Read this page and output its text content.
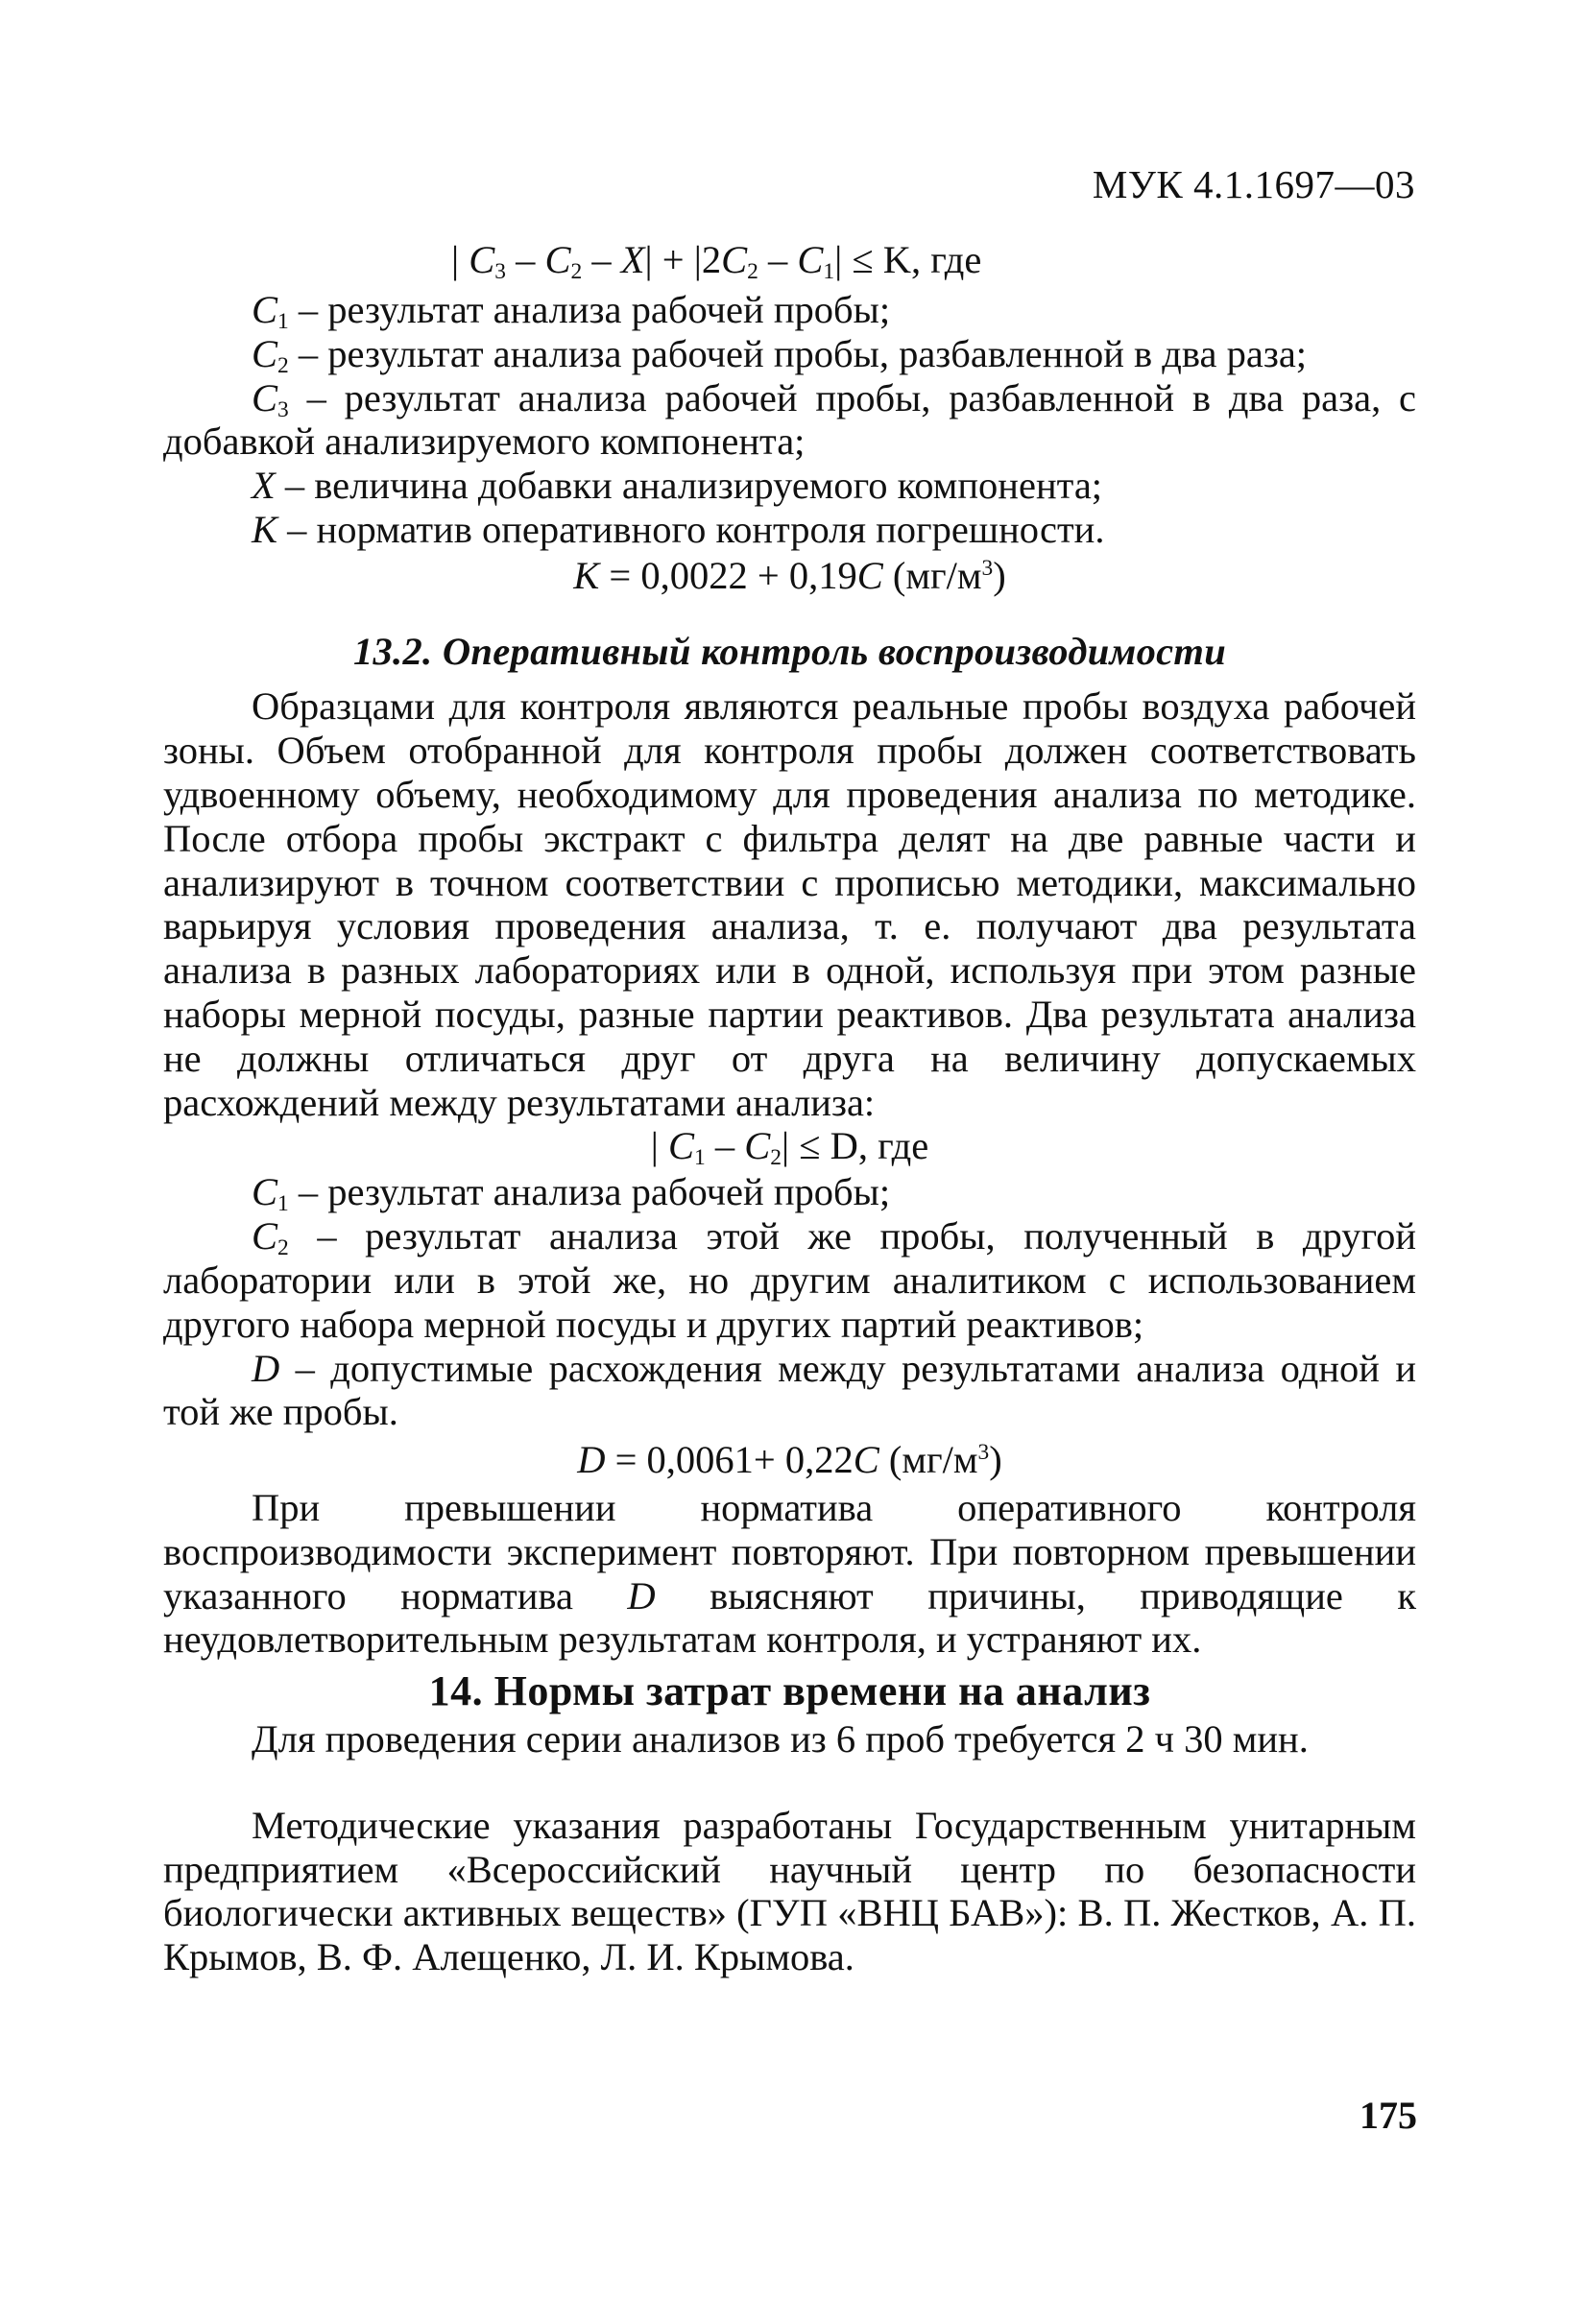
МУК 4.1.1697—03
| $C_3 - C_2 - X| + |2C_2 - C_1| \le K$, где

$C_1$ – результат анализа рабочей пробы;

$C_2$ – результат анализа рабочей пробы, разбавленной в два раза;

$C_3$ – результат анализа рабочей пробы, разбавленной в два раза, с добавкой анализируемого компонента;

X – величина добавки анализируемого компонента;

K – норматив оперативного контроля погрешности.

K = 0,0022 + 0,19C $(мг/м^3)$
13.2. Оперативный контроль воспроизводимости

Образцами для контроля являются реальные пробы воздуха рабочей зоны. Объем отобранной для контроля пробы должен соответствовать удвоенному объему, необходимому для проведения анализа по методике. После отбора пробы экстракт с фильтра делят на две равные части и анализируют в точном соответствии с прописью методики, максимально варьируя условия проведения анализа, т. е. получают два результата анализа в разных лабораториях или в одной, используя при этом разные наборы мерной посуды, разные партии реактивов. Два результата анализа не должны отличаться друг от друга на величину допускаемых расхождений между результатами анализа:

| $C_1 - C_2| \le D$, где

$C_1$ – результат анализа рабочей пробы;

$C_2$ – результат анализа этой же пробы, полученный в другой лаборатории или в этой же, но другим аналитиком с использованием другого набора мерной посуды и других партий реактивов;

D – допустимые расхождения между результатами анализа одной и той же пробы.

D = 0,0061+ 0,22C $(мг/м^3)$

При превышении норматива оперативного контроля воспроизводимости эксперимент повторяют. При повторном превышении указанного норматива D выясняют причины, приводящие к неудовлетворительным результатам контроля, и устраняют их.

14. Нормы затрат времени на анализ

Для проведения серии анализов из 6 проб требуется 2 ч 30 мин.

Методические указания разработаны Государственным унитарным предприятием «Всероссийский научный центр по безопасности биологически активных веществ» (ГУП «ВНЦ БАВ»): В. П. Жестков, А. П. Крымов, В. Ф. Алещенко, Л. И. Крымова.

175
